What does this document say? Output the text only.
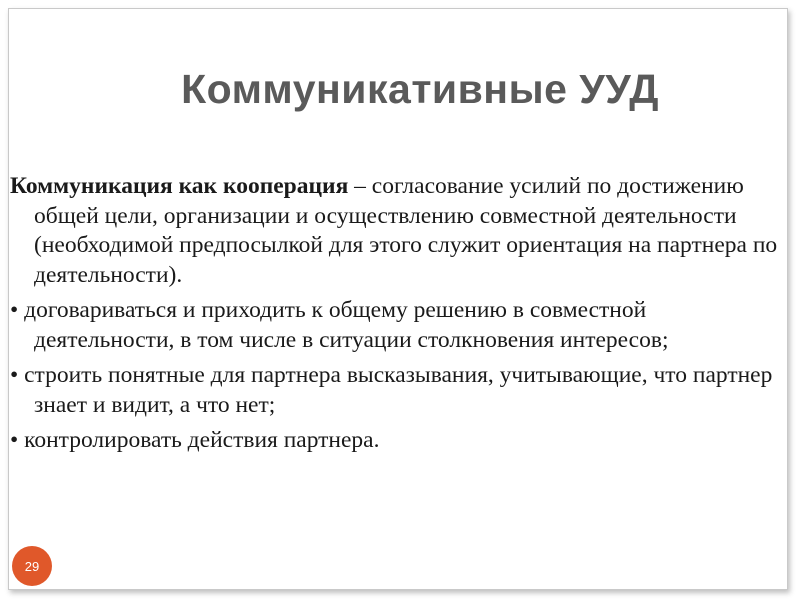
Коммуникативные УУД

Коммуникация как кооперация – согласование усилий по достижению общей цели, организации и осуществлению совместной деятельности (необходимой предпосылкой для этого служит ориентация на партнера по деятельности).

• договариваться и приходить к общему решению в совместной деятельности, в том числе в ситуации столкновения интересов;

• строить понятные для партнера высказывания, учитывающие, что партнер знает и видит, а что нет;

• контролировать действия партнера.

29
